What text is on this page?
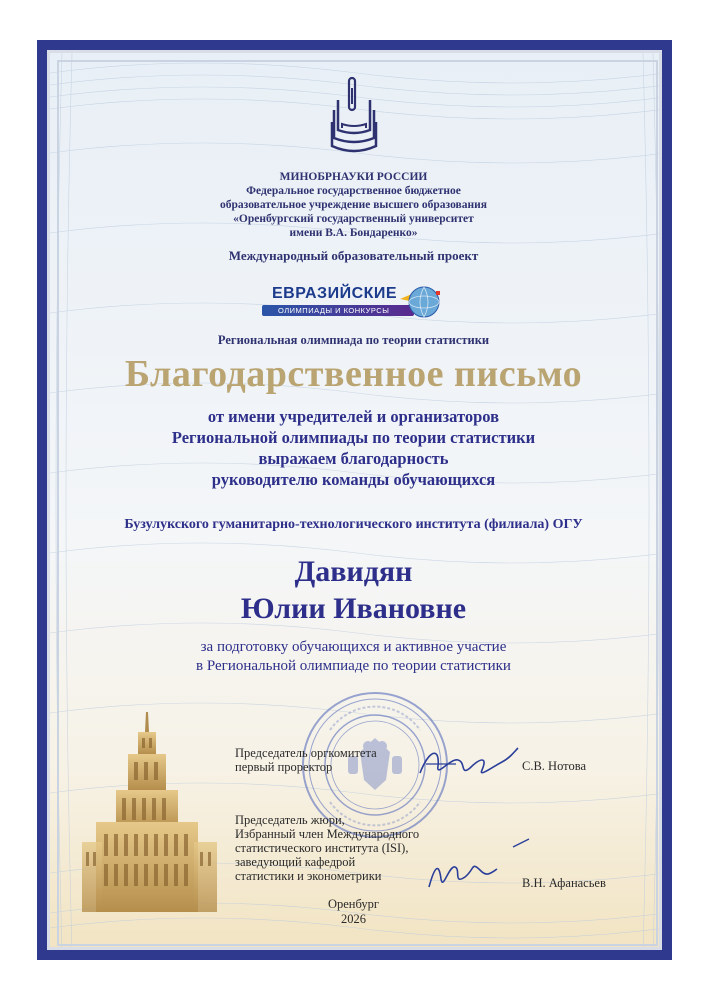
МИНОБРНАУКИ РОССИИ
Федеральное государственное бюджетное
образовательное учреждение высшего образования
«Оренбургский государственный университет
имени В.А. Бондаренко»
Международный образовательный проект
ЕВРАЗИЙСКИЕ
ОЛИМПИАДЫ И КОНКУРСЫ
Региональная олимпиада по теории статистики
Благодарственное письмо
от имени учредителей и организаторов
Региональной олимпиады по теории статистики
выражаем благодарность
руководителю команды обучающихся
Бузулукского гуманитарно-технологического института (филиала) ОГУ
Давидян
Юлии Ивановне
за подготовку обучающихся и активное участие
в Региональной олимпиаде по теории статистики
Председатель оргкомитета
первый проректор	С.В. Нотова
Председатель жюри,
Избранный член Международного
статистического института (ISI),
заведующий кафедрой
статистики и эконометрики	В.Н. Афанасьев
Оренбург
2026
